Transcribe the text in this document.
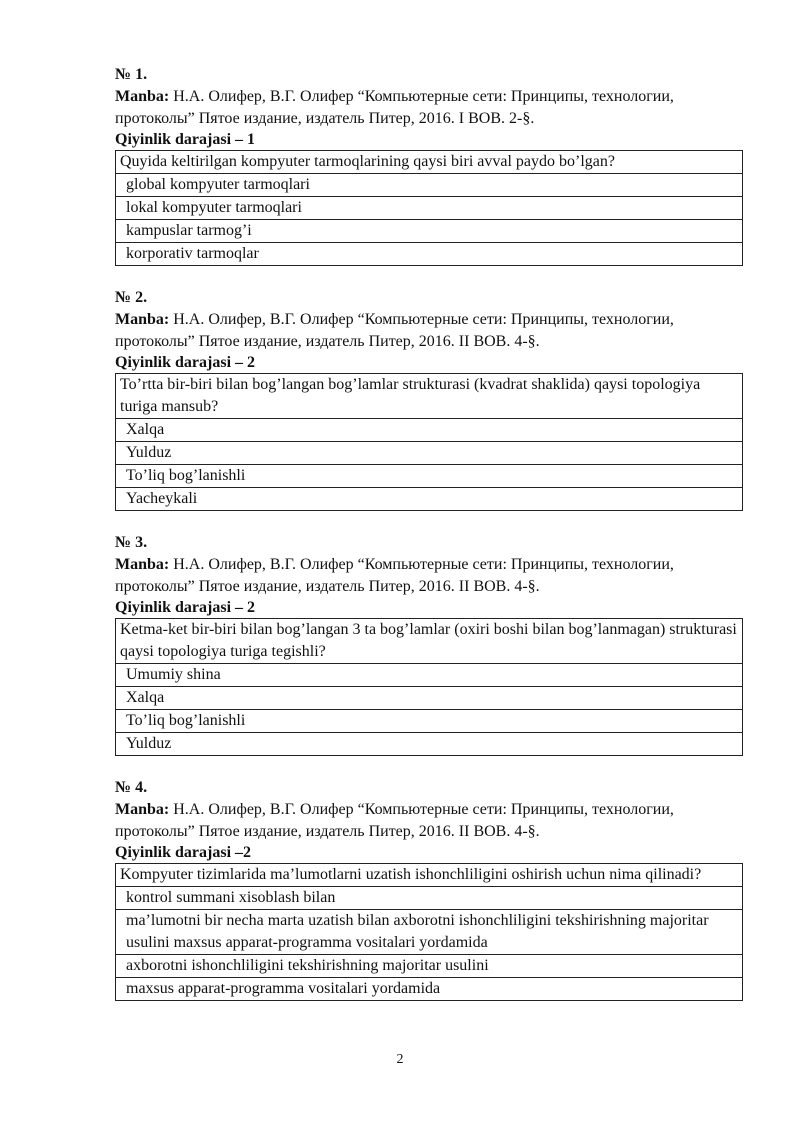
№ 1.
Manba: Н.А. Олифер, В.Г. Олифер “Компьютерные сети: Принципы, технологии, протоколы” Пятое издание, издатель Питер, 2016. I ВОВ. 2-§.
Qiyinlik darajasi – 1
Quyida keltirilgan kompyuter tarmoqlarining qaysi biri avval paydo bo’lgan?
global kompyuter tarmoqlari
lokal kompyuter tarmoqlari
kampuslar tarmog’i
korporativ tarmoqlar
№ 2.
Manba: Н.А. Олифер, В.Г. Олифер “Компьютерные сети: Принципы, технологии, протоколы” Пятое издание, издатель Питер, 2016. II ВОВ. 4-§.
Qiyinlik darajasi – 2
To’rtta bir-biri bilan bog’langan bog’lamlar strukturasi (kvadrat shaklida) qaysi topologiya turiga mansub?
Xalqa
Yulduz
To’liq bog’lanishli
Yacheykali
№ 3.
Manba: Н.А. Олифер, В.Г. Олифер “Компьютерные сети: Принципы, технологии, протоколы” Пятое издание, издатель Питер, 2016. II ВОВ. 4-§.
Qiyinlik darajasi – 2
Ketma-ket bir-biri bilan bog’langan 3 ta bog’lamlar (oxiri boshi bilan bog’lanmagan) strukturasi qaysi topologiya turiga tegishli?
Umumiy shina
Xalqa
To’liq bog’lanishli
Yulduz
№ 4.
Manba: Н.А. Олифер, В.Г. Олифер “Компьютерные сети: Принципы, технологии, протоколы” Пятое издание, издатель Питер, 2016. II ВОВ. 4-§.
Qiyinlik darajasi –2
Kompyuter tizimlarida ma’lumotlarni uzatish ishonchliligini oshirish uchun nima qilinadi?
kontrol summani xisoblash bilan
ma’lumotni bir necha marta uzatish bilan axborotni ishonchliligini tekshirishning majoritar usulini maxsus apparat-programma vositalari yordamida
axborotni ishonchliligini tekshirishning majoritar usulini
maxsus apparat-programma vositalari yordamida
2
